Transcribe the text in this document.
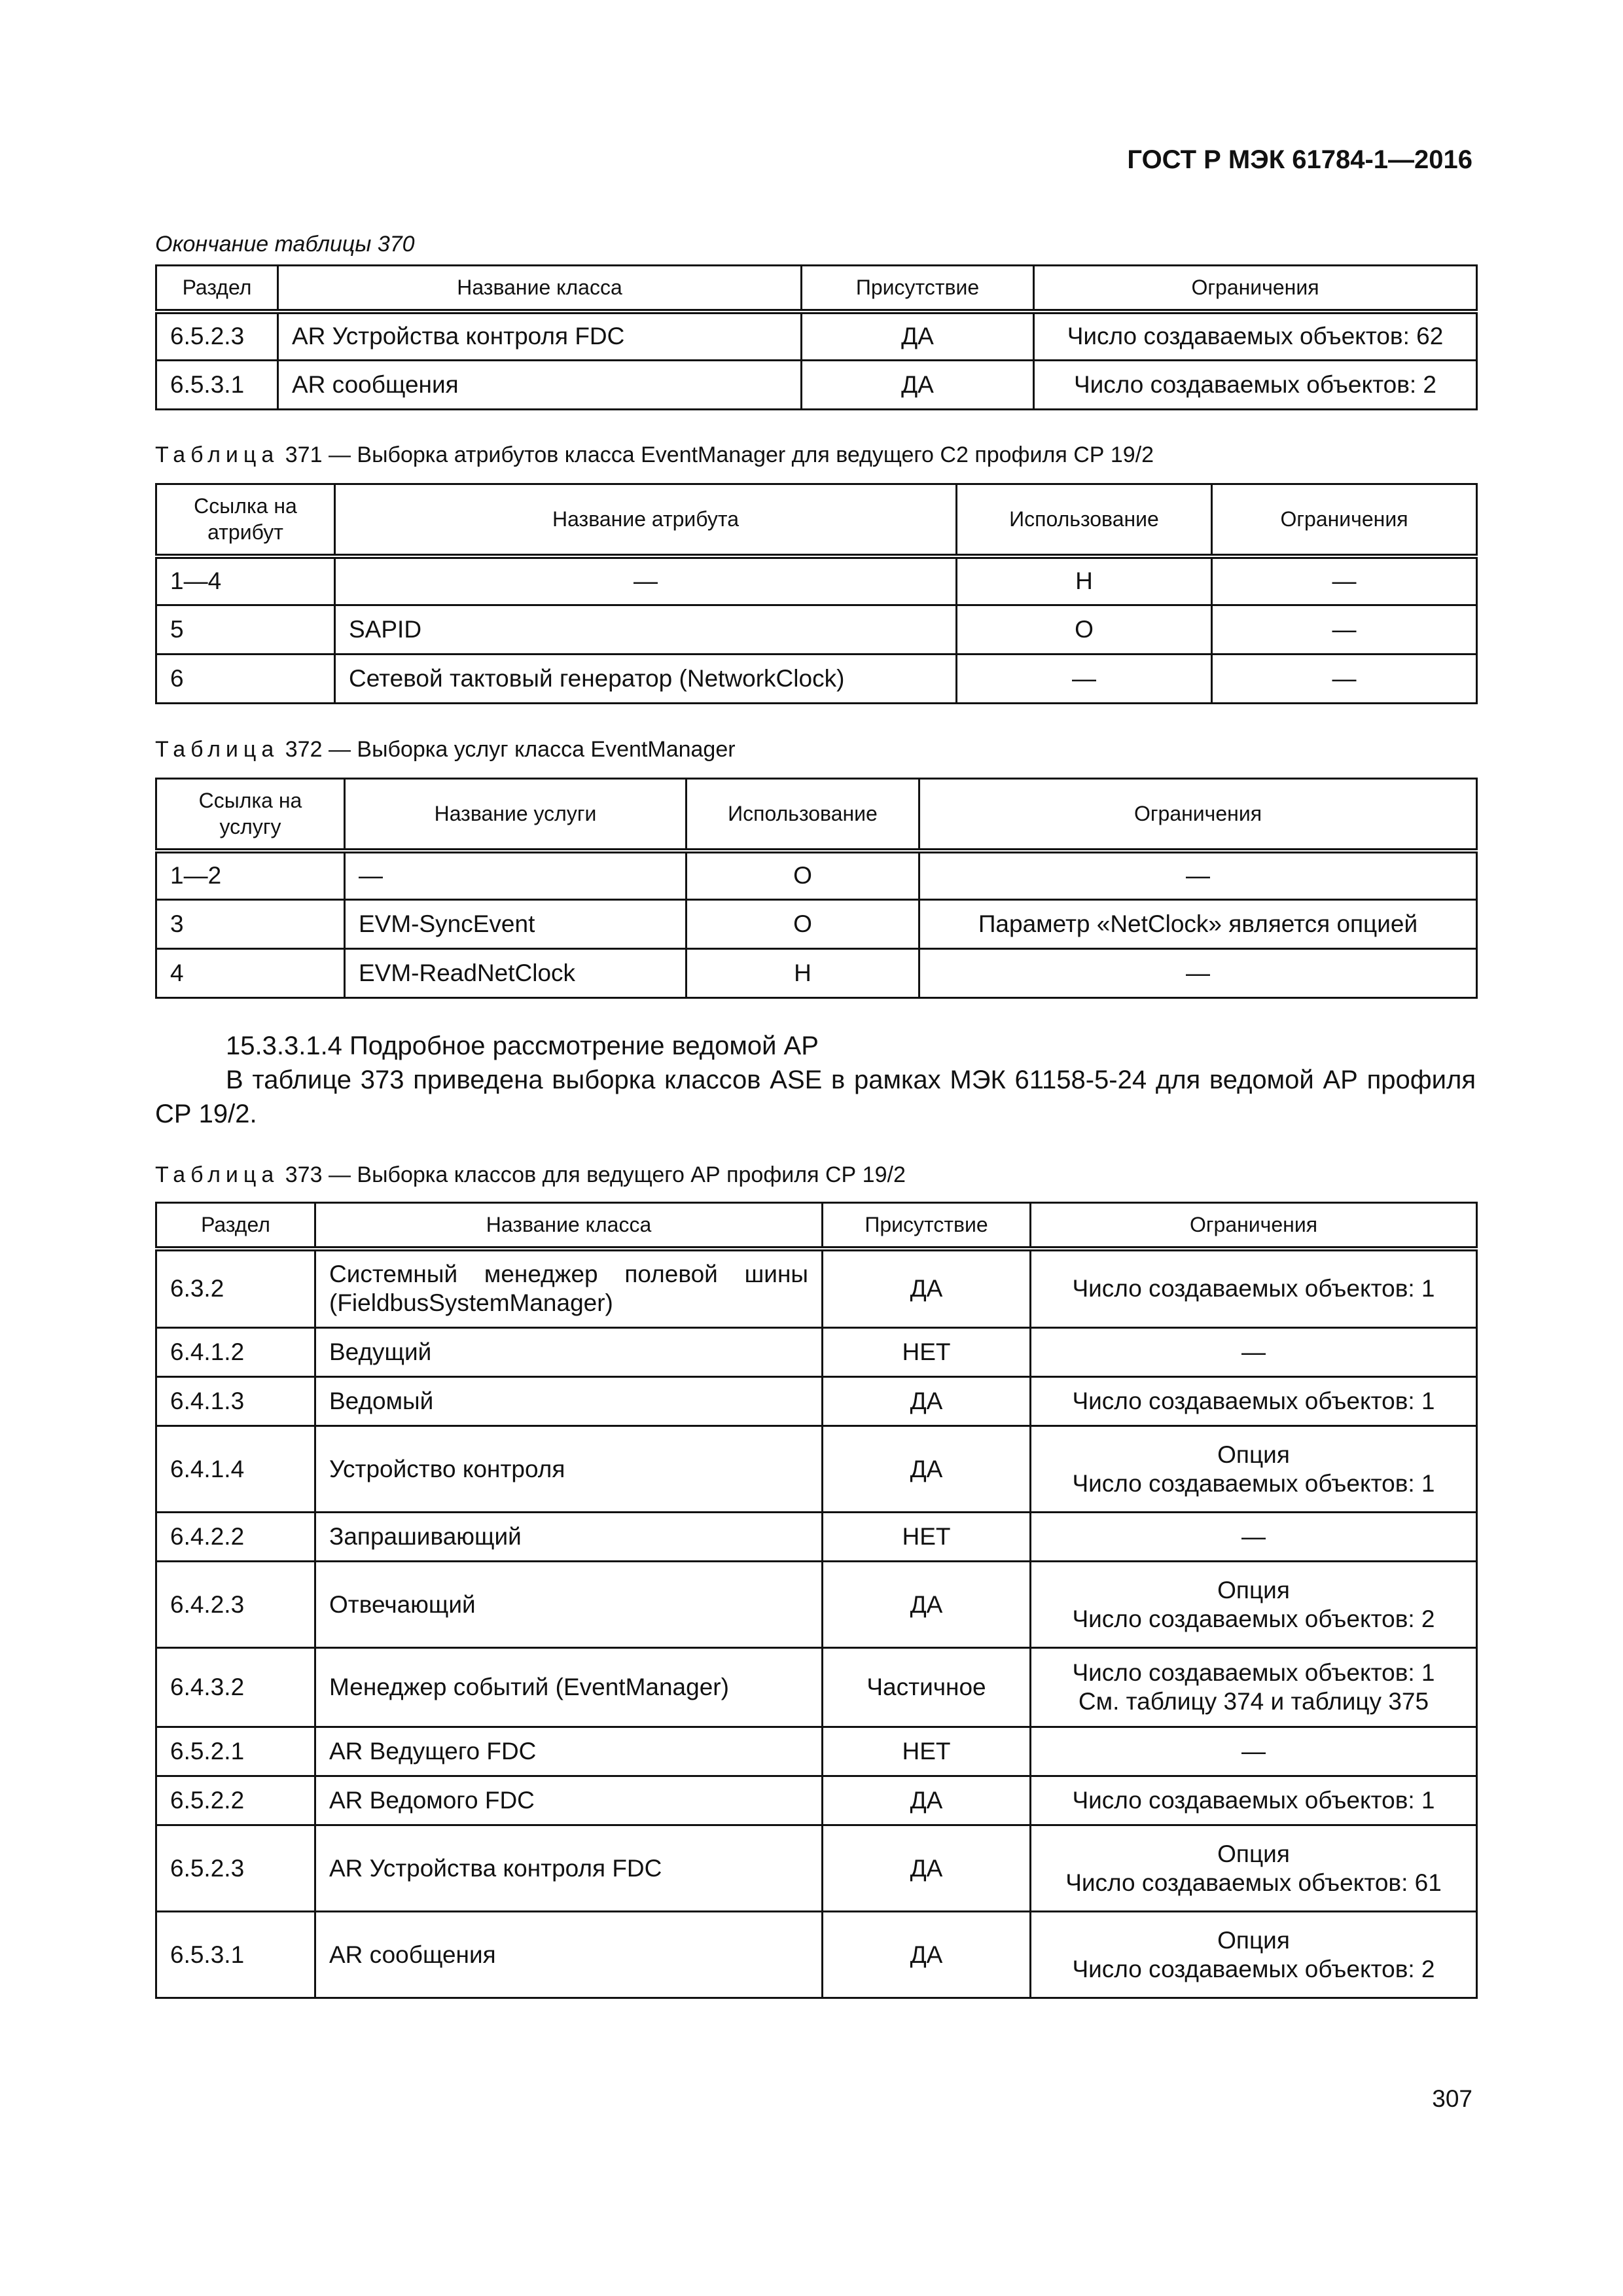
ГОСТ Р МЭК 61784-1—2016
Окончание таблицы 370
Раздел	Название класса	Присутствие	Ограничения
6.5.2.3	AR Устройства контроля FDC	ДА	Число создаваемых объектов: 62
6.5.3.1	AR сообщения	ДА	Число создаваемых объектов: 2
Таблица 371 — Выборка атрибутов класса EventManager для ведущего С2 профиля СР 19/2
Ссылка на атрибут	Название атрибута	Использование	Ограничения
1—4	—	Н	—
5	SAPID	О	—
6	Сетевой тактовый генератор (NetworkClock)	—	—
Таблица 372 — Выборка услуг класса EventManager
Ссылка на услугу	Название услуги	Использование	Ограничения
1—2	—	О	—
3	EVM-SyncEvent	О	Параметр «NetClock» является опцией
4	EVM-ReadNetClock	Н	—
15.3.3.1.4 Подробное рассмотрение ведомой АР
В таблице 373 приведена выборка классов ASE в рамках МЭК 61158-5-24 для ведомой АР профиля СР 19/2.
Таблица 373 — Выборка классов для ведущего АР профиля СР 19/2
Раздел	Название класса	Присутствие	Ограничения
6.3.2	Системный менеджер полевой шины (FieldbusSystemManager)	ДА	Число создаваемых объектов: 1
6.4.1.2	Ведущий	НЕТ	—
6.4.1.3	Ведомый	ДА	Число создаваемых объектов: 1
6.4.1.4	Устройство контроля	ДА	Опция
Число создаваемых объектов: 1
6.4.2.2	Запрашивающий	НЕТ	—
6.4.2.3	Отвечающий	ДА	Опция
Число создаваемых объектов: 2
6.4.3.2	Менеджер событий (EventManager)	Частичное	Число создаваемых объектов: 1
См. таблицу 374 и таблицу 375
6.5.2.1	AR Ведущего FDC	НЕТ	—
6.5.2.2	AR Ведомого FDC	ДА	Число создаваемых объектов: 1
6.5.2.3	AR Устройства контроля FDC	ДА	Опция
Число создаваемых объектов: 61
6.5.3.1	AR сообщения	ДА	Опция
Число создаваемых объектов: 2
307
